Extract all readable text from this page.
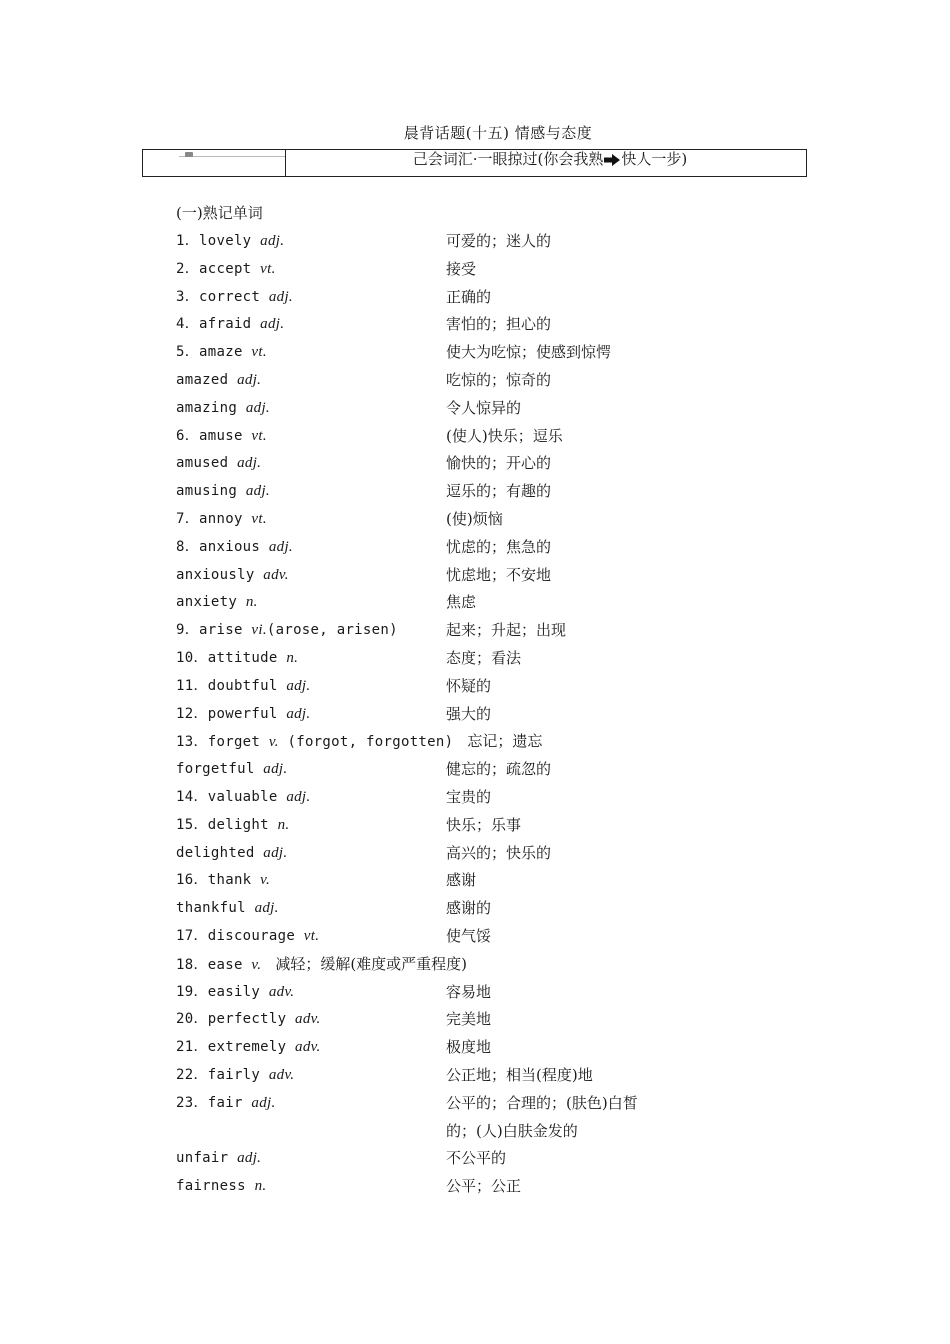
晨背话题(十五) 情感与态度
己会词汇·一眼掠过(你会我熟 快人一步)
(一)熟记单词
1．lovely adj.	可爱的；迷人的
2．accept vt.	接受
3．correct adj.	正确的
4．afraid adj.	害怕的；担心的
5．amaze vt.	使大为吃惊；使感到惊愕
amazed adj.	吃惊的；惊奇的
amazing adj.	令人惊异的
6．amuse vt.	(使人)快乐；逗乐
amused adj.	愉快的；开心的
amusing adj.	逗乐的；有趣的
7．annoy vt.	(使)烦恼
8．anxious adj.	忧虑的；焦急的
anxiously adv.	忧虑地；不安地
anxiety n.	焦虑
9．arise vi.(arose, arisen)	起来；升起；出现
10．attitude n.	态度；看法
11．doubtful adj.	怀疑的
12．powerful adj.	强大的
13．forget v. (forgot, forgotten) 忘记；遗忘
forgetful adj.	健忘的；疏忽的
14．valuable adj.	宝贵的
15．delight n.	快乐；乐事
delighted adj.	高兴的；快乐的
16．thank v.	感谢
thankful adj.	感谢的
17．discourage vt.	使气馁
18．ease v. 减轻；缓解(难度或严重程度)
19．easily adv.	容易地
20．perfectly adv.	完美地
21．extremely adv.	极度地
22．fairly adv.	公正地；相当(程度)地
23．fair adj.	公平的；合理的；(肤色)白皙
的；(人)白肤金发的
unfair adj.	不公平的
fairness n.	公平；公正
